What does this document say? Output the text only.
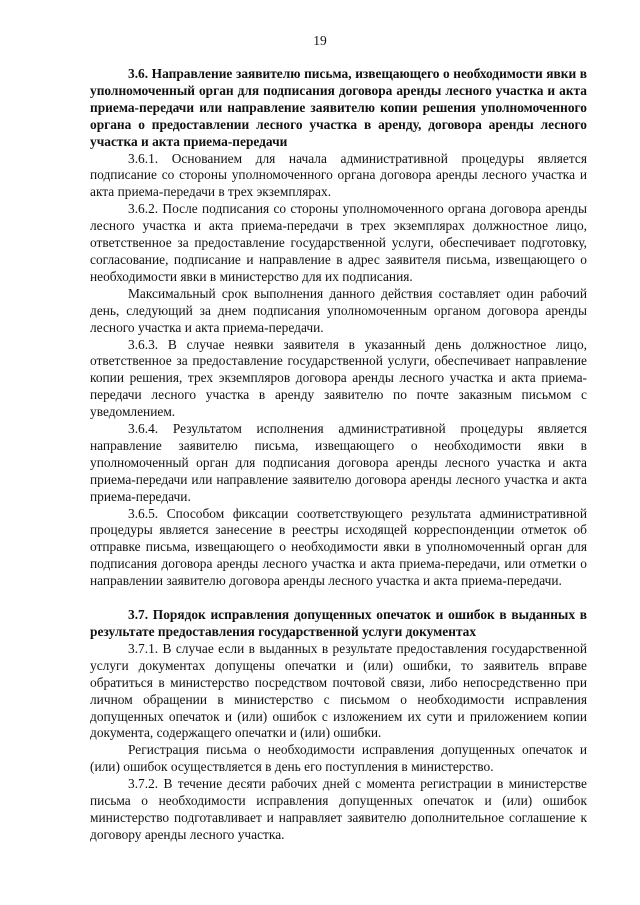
19

3.6. Направление заявителю письма, извещающего о необходимости явки в уполномоченный орган для подписания договора аренды лесного участка и акта приема-передачи или направление заявителю копии решения уполномоченного органа о предоставлении лесного участка в аренду, договора аренды лесного участка и акта приема-передачи

3.6.1. Основанием для начала административной процедуры является подписание со стороны уполномоченного органа договора аренды лесного участка и акта приема-передачи в трех экземплярах.

3.6.2. После подписания со стороны уполномоченного органа договора аренды лесного участка и акта приема-передачи в трех экземплярах должностное лицо, ответственное за предоставление государственной услуги, обеспечивает подготовку, согласование, подписание и направление в адрес заявителя письма, извещающего о необходимости явки в министерство для их подписания.

Максимальный срок выполнения данного действия составляет один рабочий день, следующий за днем подписания уполномоченным органом договора аренды лесного участка и акта приема-передачи.

3.6.3. В случае неявки заявителя в указанный день должностное лицо, ответственное за предоставление государственной услуги, обеспечивает направление копии решения, трех экземпляров договора аренды лесного участка и акта приема-передачи лесного участка в аренду заявителю по почте заказным письмом с уведомлением.

3.6.4. Результатом исполнения административной процедуры является направление заявителю письма, извещающего о необходимости явки в уполномоченный орган для подписания договора аренды лесного участка и акта приема-передачи или направление заявителю договора аренды лесного участка и акта приема-передачи.

3.6.5. Способом фиксации соответствующего результата административной процедуры является занесение в реестры исходящей корреспонденции отметок об отправке письма, извещающего о необходимости явки в уполномоченный орган для подписания договора аренды лесного участка и акта приема-передачи, или отметки о направлении заявителю договора аренды лесного участка и акта приема-передачи.

3.7. Порядок исправления допущенных опечаток и ошибок в выданных в результате предоставления государственной услуги документах

3.7.1. В случае если в выданных в результате предоставления государственной услуги документах допущены опечатки и (или) ошибки, то заявитель вправе обратиться в министерство посредством почтовой связи, либо непосредственно при личном обращении в министерство с письмом о необходимости исправления допущенных опечаток и (или) ошибок с изложением их сути и приложением копии документа, содержащего опечатки и (или) ошибки.

Регистрация письма о необходимости исправления допущенных опечаток и (или) ошибок осуществляется в день его поступления в министерство.

3.7.2. В течение десяти рабочих дней с момента регистрации в министерстве письма о необходимости исправления допущенных опечаток и (или) ошибок министерство подготавливает и направляет заявителю дополнительное соглашение к договору аренды лесного участка.
